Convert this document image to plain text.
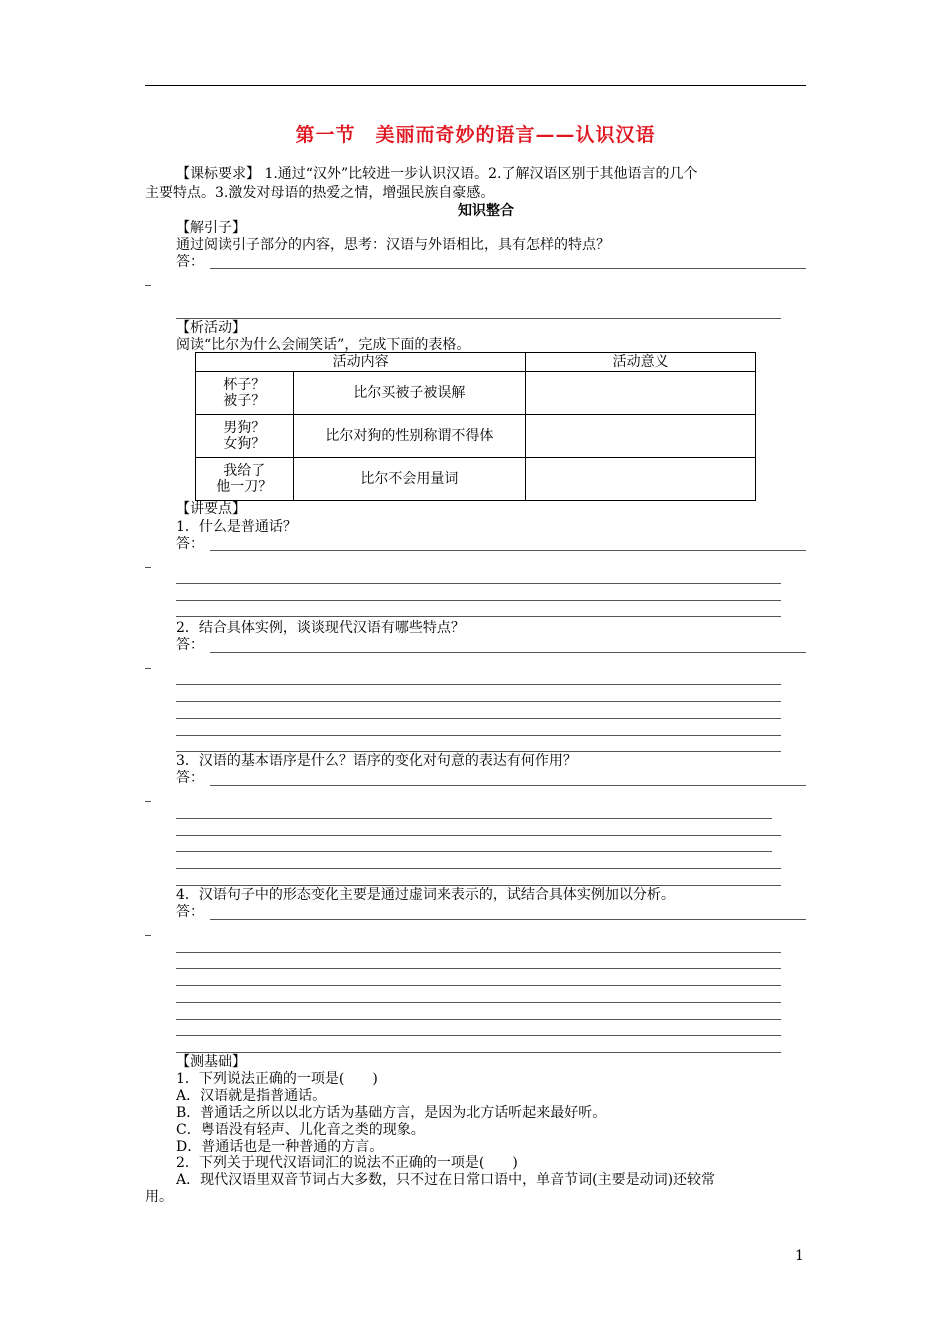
第一节　美丽而奇妙的语言——认识汉语
【课标要求】 1.通过“汉外”比较进一步认识汉语。2.了解汉语区别于其他语言的几个
主要特点。3.激发对母语的热爱之情，增强民族自豪感。
知识整合
【解引子】
通过阅读引子部分的内容，思考：汉语与外语相比，具有怎样的特点？
答：
【析活动】
阅读“比尔为什么会闹笑话”，完成下面的表格。
活动内容		活动意义
杯子？
被子？	比尔买被子被误解	
男狗？
女狗？	比尔对狗的性别称谓不得体	
我给了
他一刀？	比尔不会用量词	
【讲要点】
1．什么是普通话？
答：
2．结合具体实例，谈谈现代汉语有哪些特点？
答：
3．汉语的基本语序是什么？语序的变化对句意的表达有何作用？
答：
4．汉语句子中的形态变化主要是通过虚词来表示的，试结合具体实例加以分析。
答：
【测基础】
1．下列说法正确的一项是(　　)
A．汉语就是指普通话。
B．普通话之所以以北方话为基础方言，是因为北方话听起来最好听。
C．粤语没有轻声、儿化音之类的现象。
D．普通话也是一种普通的方言。
2．下列关于现代汉语词汇的说法不正确的一项是(　　)
A．现代汉语里双音节词占大多数，只不过在日常口语中，单音节词(主要是动词)还较常
用。
1
